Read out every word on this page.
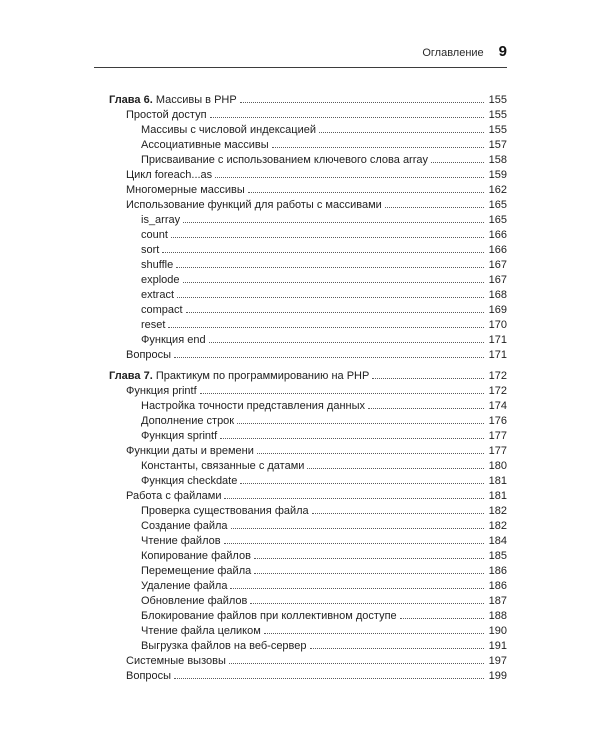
Оглавление 9
Глава 6. Массивы в PHP	155
Простой доступ	155
Массивы с числовой индексацией	155
Ассоциативные массивы	157
Присваивание с использованием ключевого слова array	158
Цикл foreach...as	159
Многомерные массивы	162
Использование функций для работы с массивами	165
is_array	165
count	166
sort	166
shuffle	167
explode	167
extract	168
compact	169
reset	170
Функция end	171
Вопросы	171
Глава 7. Практикум по программированию на PHP	172
Функция printf	172
Настройка точности представления данных	174
Дополнение строк	176
Функция sprintf	177
Функции даты и времени	177
Константы, связанные с датами	180
Функция checkdate	181
Работа с файлами	181
Проверка существования файла	182
Создание файла	182
Чтение файлов	184
Копирование файлов	185
Перемещение файла	186
Удаление файла	186
Обновление файлов	187
Блокирование файлов при коллективном доступе	188
Чтение файла целиком	190
Выгрузка файлов на веб-сервер	191
Системные вызовы	197
Вопросы	199
